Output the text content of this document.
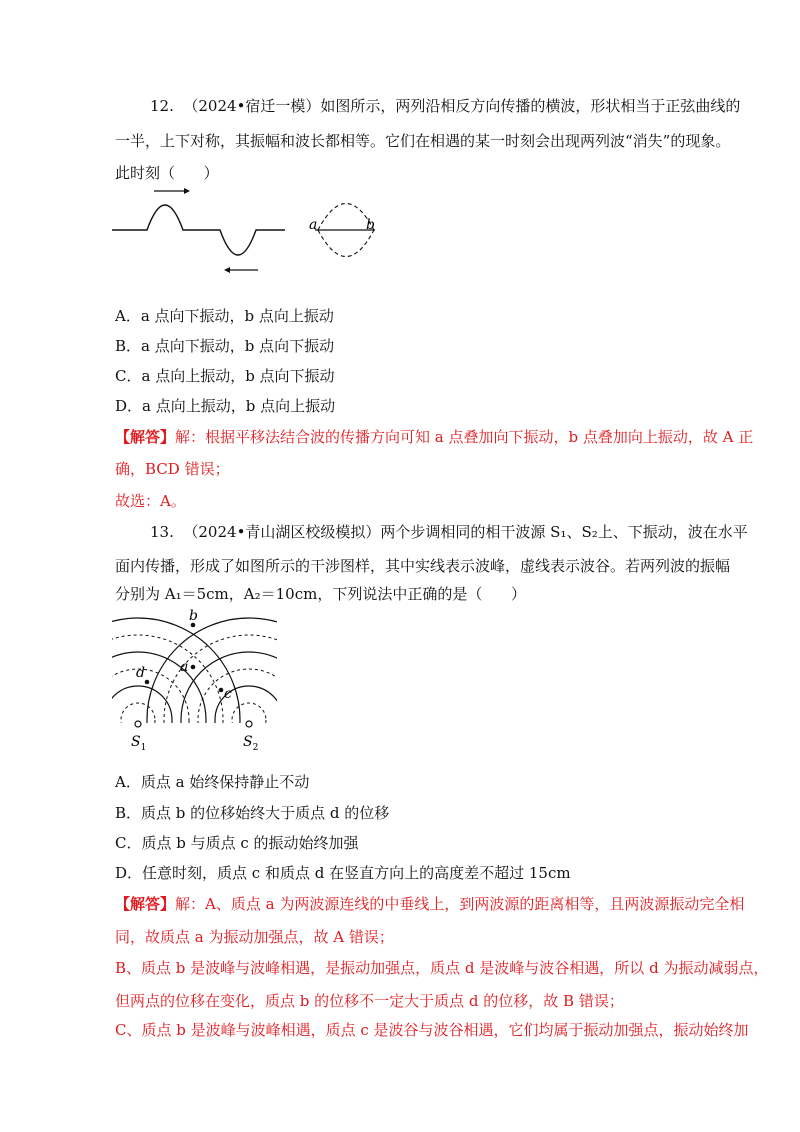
12.  （2024•宿迁一模）如图所示，两列沿相反方向传播的横波，形状相当于正弦曲线的
一半，上下对称，其振幅和波长都相等。它们在相遇的某一时刻会出现两列波“消失”的现象。
此时刻（      ）
a	b
A．a 点向下振动，b 点向上振动
B．a 点向下振动，b 点向下振动
C．a 点向上振动，b 点向下振动
D．a 点向上振动，b 点向上振动
【解答】解：根据平移法结合波的传播方向可知 a 点叠加向下振动，b 点叠加向上振动，故 A 正
确，BCD 错误；
故选：A。
13.  （2024•青山湖区校级模拟）两个步调相同的相干波源 S₁、S₂上、下振动，波在水平
面内传播，形成了如图所示的干涉图样，其中实线表示波峰，虚线表示波谷。若两列波的振幅
分别为 A₁＝5cm，A₂＝10cm，下列说法中正确的是（      ）
b
a
d
c
$S_1$	$S_2$
A．质点 a 始终保持静止不动
B．质点 b 的位移始终大于质点 d 的位移
C．质点 b 与质点 c 的振动始终加强
D．任意时刻，质点 c 和质点 d 在竖直方向上的高度差不超过 15cm
【解答】解：A、质点 a 为两波源连线的中垂线上，到两波源的距离相等，且两波源振动完全相
同，故质点 a 为振动加强点，故 A 错误；
B、质点 b 是波峰与波峰相遇，是振动加强点，质点 d 是波峰与波谷相遇，所以 d 为振动减弱点，
但两点的位移在变化，质点 b 的位移不一定大于质点 d 的位移，故 B 错误；
C、质点 b 是波峰与波峰相遇，质点 c 是波谷与波谷相遇，它们均属于振动加强点，振动始终加
